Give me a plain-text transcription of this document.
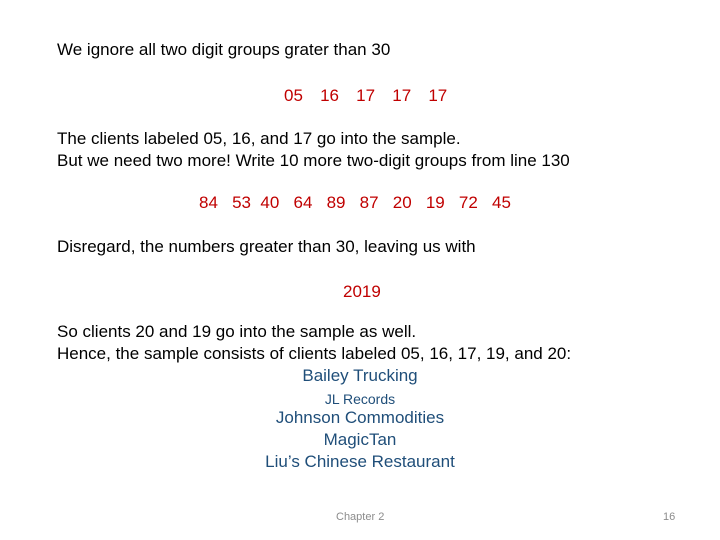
We ignore all two digit groups grater than 30
05   16   17   17   17
The clients labeled 05, 16, and 17 go into the sample.
But we need two more! Write 10 more two-digit groups from line 130
84   53  40   64   89   87   20   19   72   45
Disregard, the numbers greater than 30, leaving us with
2019
So clients 20 and 19 go into the sample as well.
Hence, the sample consists of clients labeled 05, 16, 17, 19, and 20:
Bailey Trucking
JL Records
Johnson Commodities
MagicTan
Liu’s Chinese Restaurant
Chapter 2	16
